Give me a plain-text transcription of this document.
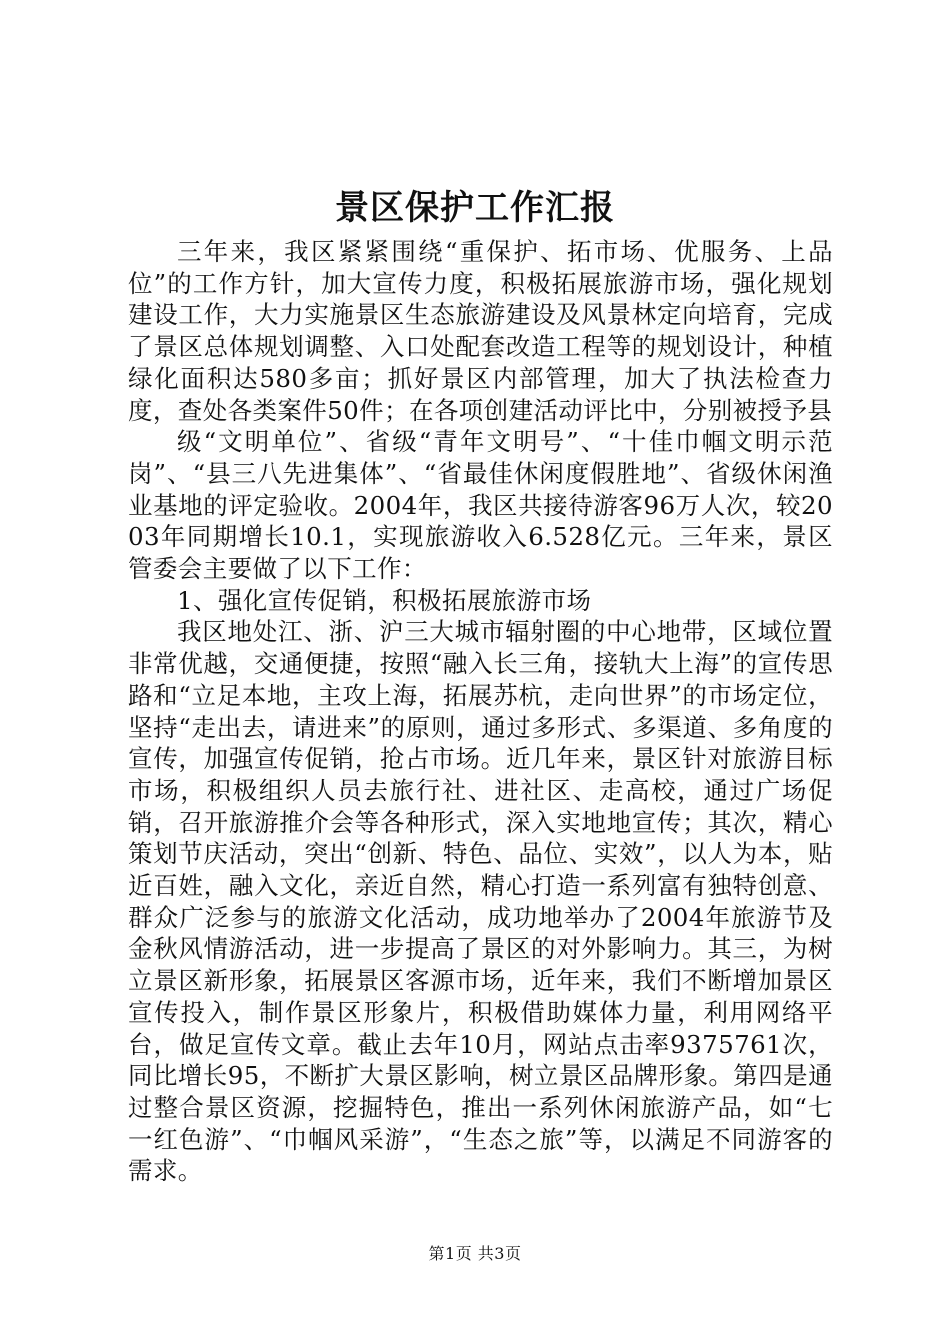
景区保护工作汇报

三年来，我区紧紧围绕“重保护、拓市场、优服务、上品位”的工作方针，加大宣传力度，积极拓展旅游市场，强化规划建设工作，大力实施景区生态旅游建设及风景林定向培育，完成了景区总体规划调整、入口处配套改造工程等的规划设计，种植绿化面积达580多亩；抓好景区内部管理，加大了执法检查力度，查处各类案件50件；在各项创建活动评比中，分别被授予县

级“文明单位”、省级“青年文明号”、“十佳巾帼文明示范岗”、“县三八先进集体”、“省最佳休闲度假胜地”、省级休闲渔业基地的评定验收。2004年，我区共接待游客96万人次，较2003年同期增长10.1，实现旅游收入6.528亿元。三年来，景区管委会主要做了以下工作：

1、强化宣传促销，积极拓展旅游市场

我区地处江、浙、沪三大城市辐射圈的中心地带，区域位置非常优越，交通便捷，按照“融入长三角，接轨大上海”的宣传思路和“立足本地，主攻上海，拓展苏杭，走向世界”的市场定位，坚持“走出去，请进来”的原则，通过多形式、多渠道、多角度的宣传，加强宣传促销，抢占市场。近几年来，景区针对旅游目标市场，积极组织人员去旅行社、进社区、走高校，通过广场促销，召开旅游推介会等各种形式，深入实地地宣传；其次，精心策划节庆活动，突出“创新、特色、品位、实效”，以人为本，贴近百姓，融入文化，亲近自然，精心打造一系列富有独特创意、群众广泛参与的旅游文化活动，成功地举办了2004年旅游节及金秋风情游活动，进一步提高了景区的对外影响力。其三，为树立景区新形象，拓展景区客源市场，近年来，我们不断增加景区宣传投入，制作景区形象片，积极借助媒体力量，利用网络平台，做足宣传文章。截止去年10月，网站点击率9375761次，同比增长95，不断扩大景区影响，树立景区品牌形象。第四是通过整合景区资源，挖掘特色，推出一系列休闲旅游产品，如“七一红色游”、“巾帼风采游”，“生态之旅”等，以满足不同游客的需求。

第1页 共3页
